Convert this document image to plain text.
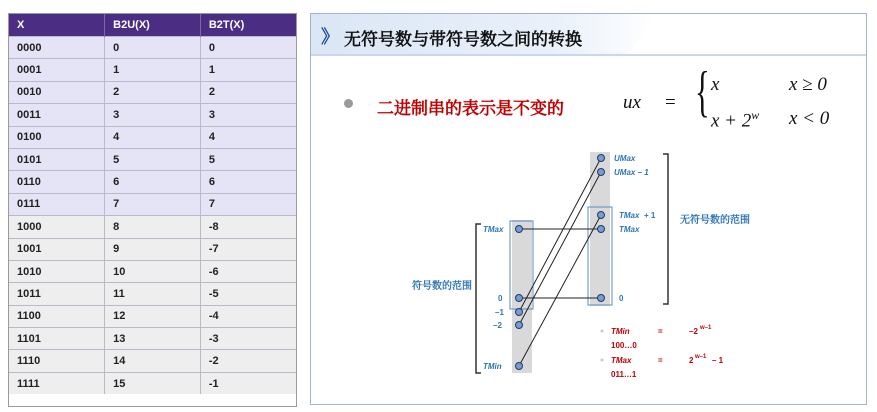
X	B2U(X)	B2T(X)
0000	0	0
0001	1	1
0010	2	2
0011	3	3
0100	4	4
0101	5	5
0110	6	6
0111	7	7
1000	8	-8
1001	9	-7
1010	10	-6
1011	11	-5
1100	12	-4
1101	13	-3
1110	14	-2
1111	15	-1
》 无符号数与带符号数之间的转换
二进制串的表示是不变的	ux = { x	x ≥ 0
$x + 2^w$ x < 0
UMax
UMax – 1
TMax + 1
TMax
0
TMax
0
–1
–2
TMin
无符号数的范围
符号数的范围
TMin	=	–2 w–1
100…0
TMax	=	2 w–1 – 1
011…1
